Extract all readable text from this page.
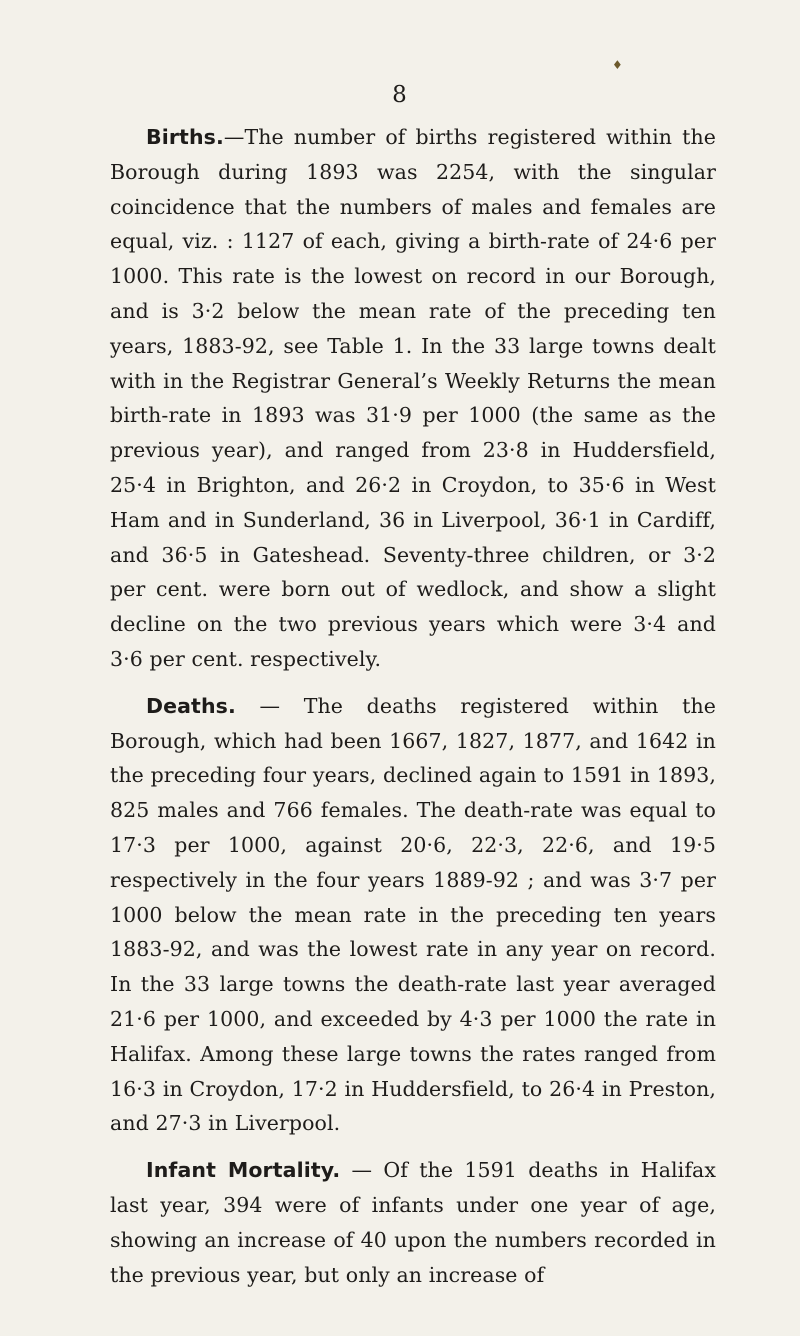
♦
8

Births.—The number of births registered within the Borough during 1893 was 2254, with the singular coincidence that the numbers of males and females are equal, viz. : 1127 of each, giving a birth-rate of 24·6 per 1000. This rate is the lowest on record in our Borough, and is 3·2 below the mean rate of the preceding ten years, 1883-92, see Table 1. In the 33 large towns dealt with in the Registrar General’s Weekly Returns the mean birth-rate in 1893 was 31·9 per 1000 (the same as the previous year), and ranged from 23·8 in Huddersfield, 25·4 in Brighton, and 26·2 in Croydon, to 35·6 in West Ham and in Sunderland, 36 in Liverpool, 36·1 in Cardiff, and 36·5 in Gateshead. Seventy-three children, or 3·2 per cent. were born out of wedlock, and show a slight decline on the two previous years which were 3·4 and 3·6 per cent. respectively.

Deaths. — The deaths registered within the Borough, which had been 1667, 1827, 1877, and 1642 in the preceding four years, declined again to 1591 in 1893, 825 males and 766 females. The death-rate was equal to 17·3 per 1000, against 20·6, 22·3, 22·6, and 19·5 respectively in the four years 1889-92 ; and was 3·7 per 1000 below the mean rate in the preceding ten years 1883-92, and was the lowest rate in any year on record. In the 33 large towns the death-rate last year averaged 21·6 per 1000, and exceeded by 4·3 per 1000 the rate in Halifax. Among these large towns the rates ranged from 16·3 in Croydon, 17·2 in Huddersfield, to 26·4 in Preston, and 27·3 in Liverpool.

Infant Mortality. — Of the 1591 deaths in Halifax last year, 394 were of infants under one year of age, showing an increase of 40 upon the numbers recorded in the previous year, but only an increase of
